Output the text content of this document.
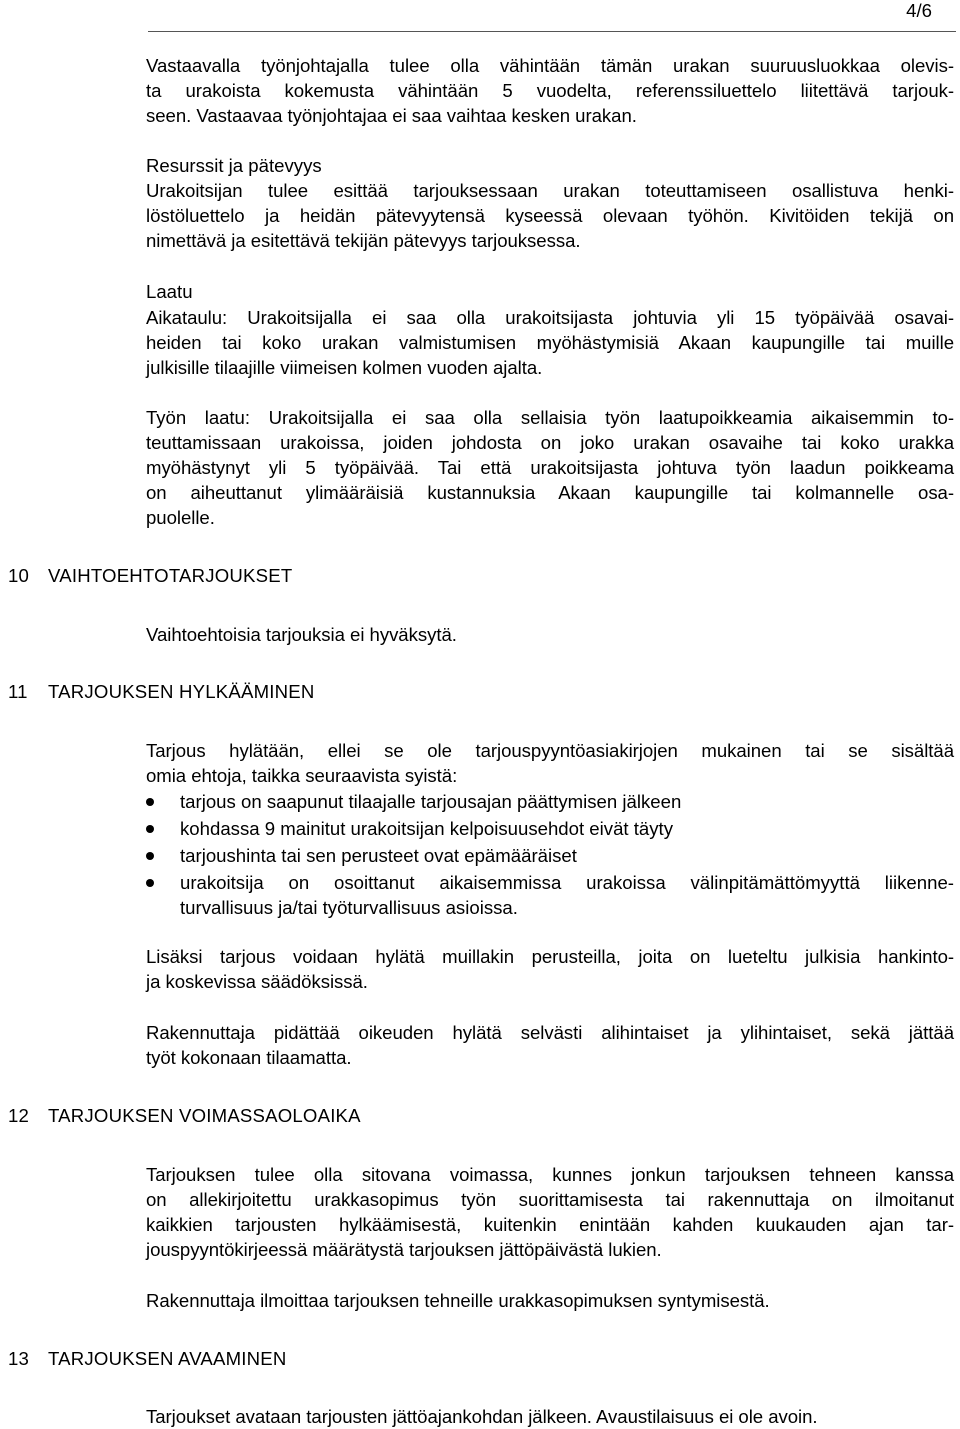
4/6

Vastaavalla työnjohtajalla tulee olla vähintään tämän urakan suuruusluokkaa olevis-
ta urakoista kokemusta vähintään 5 vuodelta, referenssiluettelo liitettävä tarjouk-
seen. Vastaavaa työnjohtajaa ei saa vaihtaa kesken urakan.

Resurssit ja pätevyys

Urakoitsijan tulee esittää tarjouksessaan urakan toteuttamiseen osallistuva henki-
löstöluettelo ja heidän pätevyytensä kyseessä olevaan työhön. Kivitöiden tekijä on
nimettävä ja esitettävä tekijän pätevyys tarjouksessa.

Laatu

Aikataulu: Urakoitsijalla ei saa olla urakoitsijasta johtuvia yli 15 työpäivää osavai-
heiden tai koko urakan valmistumisen myöhästymisiä Akaan kaupungille tai muille
julkisille tilaajille viimeisen kolmen vuoden ajalta.

Työn laatu: Urakoitsijalla ei saa olla sellaisia työn laatupoikkeamia aikaisemmin to-
teuttamissaan urakoissa, joiden johdosta on joko urakan osavaihe tai koko urakka
myöhästynyt yli 5 työpäivää. Tai että urakoitsijasta johtuva työn laadun poikkeama
on aiheuttanut ylimääräisiä kustannuksia Akaan kaupungille tai kolmannelle osa-
puolelle.

10 VAIHTOEHTOTARJOUKSET

Vaihtoehtoisia tarjouksia ei hyväksytä.

11 TARJOUKSEN HYLKÄÄMINEN

Tarjous hylätään, ellei se ole tarjouspyyntöasiakirjojen mukainen tai se sisältää
omia ehtoja, taikka seuraavista syistä:

tarjous on saapunut tilaajalle tarjousajan päättymisen jälkeen
kohdassa 9 mainitut urakoitsijan kelpoisuusehdot eivät täyty
tarjoushinta tai sen perusteet ovat epämääräiset
urakoitsija on osoittanut aikaisemmissa urakoissa välinpitämättömyyttä liikenne-
turvallisuus ja/tai työturvallisuus asioissa.

Lisäksi tarjous voidaan hylätä muillakin perusteilla, joita on lueteltu julkisia hankinto-
ja koskevissa säädöksissä.

Rakennuttaja pidättää oikeuden hylätä selvästi alihintaiset ja ylihintaiset, sekä jättää
työt kokonaan tilaamatta.

12 TARJOUKSEN VOIMASSAOLOAIKA

Tarjouksen tulee olla sitovana voimassa, kunnes jonkun tarjouksen tehneen kanssa
on allekirjoitettu urakkasopimus työn suorittamisesta tai rakennuttaja on ilmoitanut
kaikkien tarjousten hylkäämisestä, kuitenkin enintään kahden kuukauden ajan tar-
jouspyyntökirjeessä määrätystä tarjouksen jättöpäivästä lukien.

Rakennuttaja ilmoittaa tarjouksen tehneille urakkasopimuksen syntymisestä.

13 TARJOUKSEN AVAAMINEN

Tarjoukset avataan tarjousten jättöajankohdan jälkeen. Avaustilaisuus ei ole avoin.
